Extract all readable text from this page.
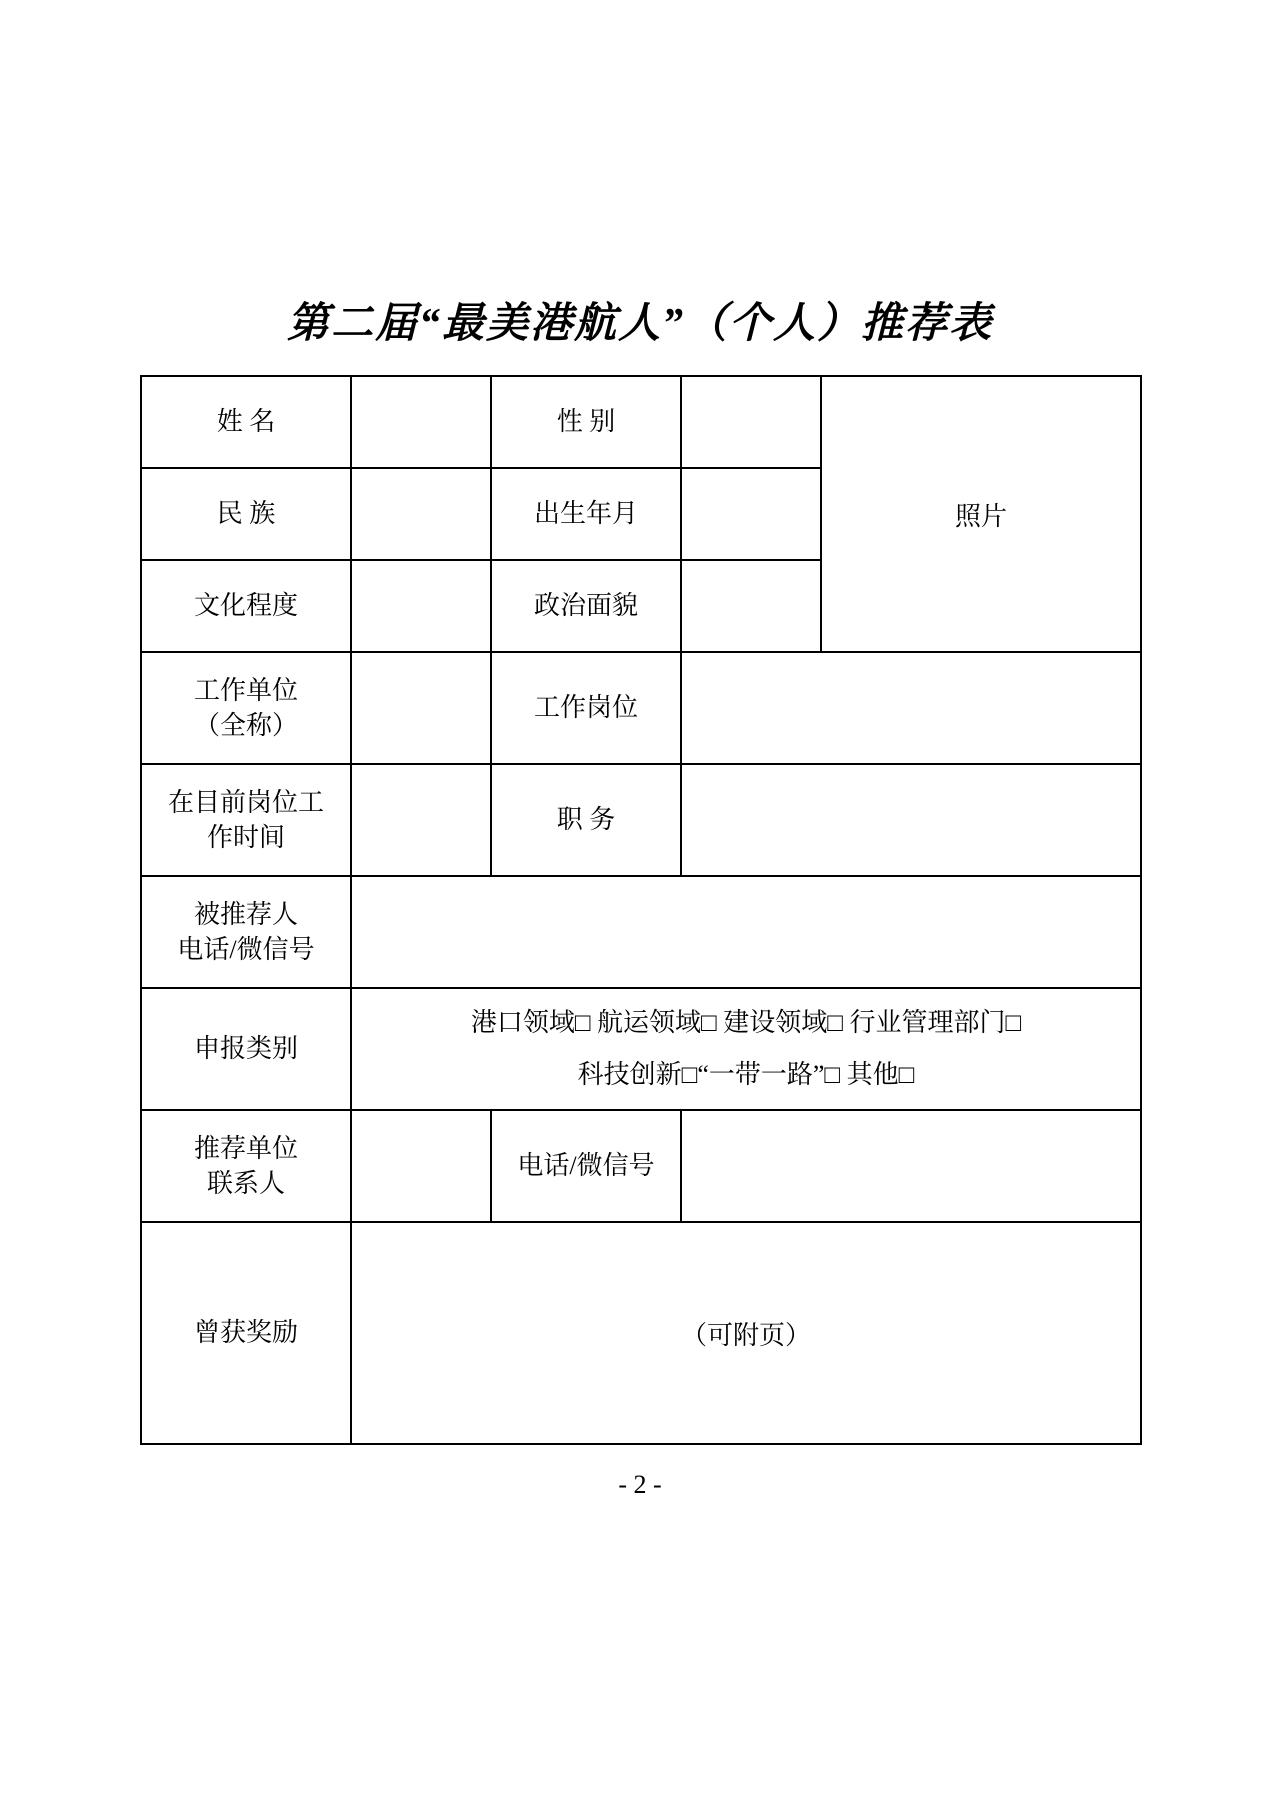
第二届“最美港航人”（个人）推荐表
姓 名		性 别		照片
民 族		出生年月		
文化程度		政治面貌		

工作单位
（全称）		工作岗位		

在目前岗位工
作时间		职 务		

被推荐人
电话/微信号				

申报类别	港口领域□ 航运领域□ 建设领域□ 行业管理部门□
科技创新□“一带一路”□ 其他□			

推荐单位
联系人		电话/微信号		
曾获奖励	（可附页）			
- 2 -
